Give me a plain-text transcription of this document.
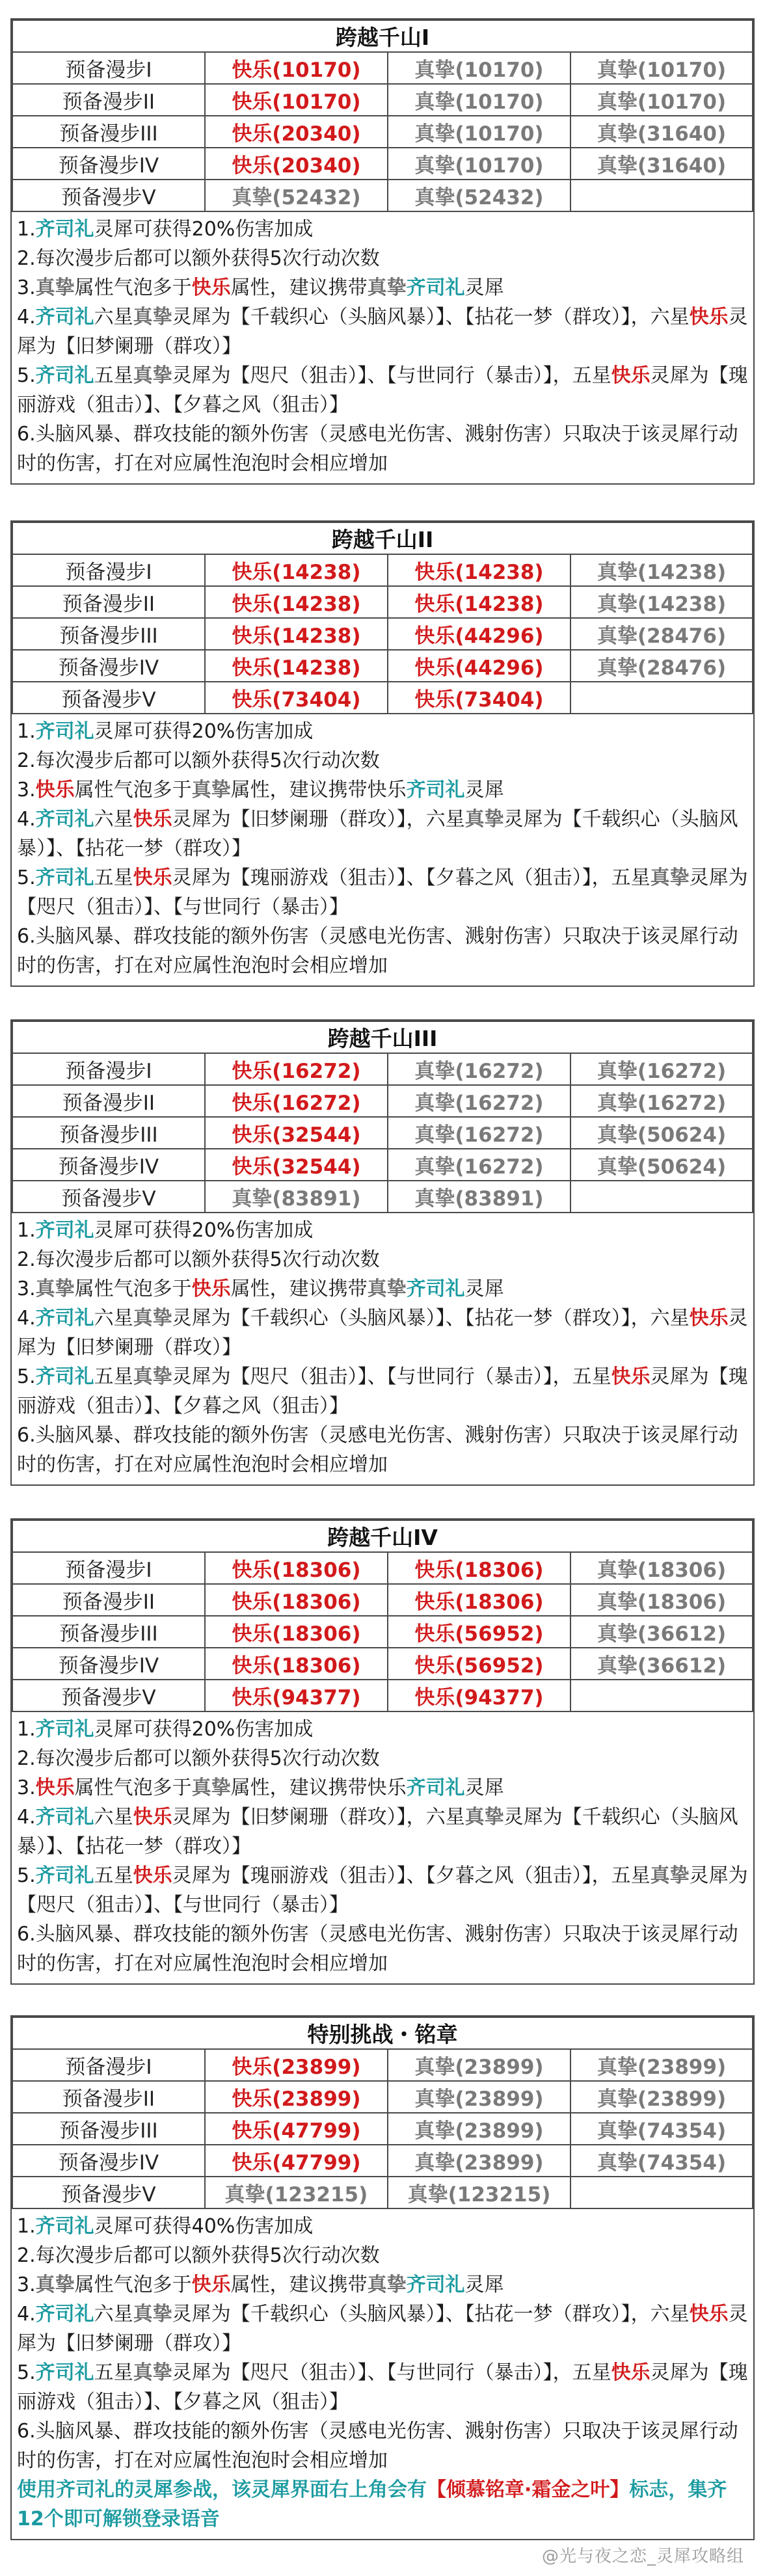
跨越千山I			
预备漫步I	快乐(10170)	真挚(10170)	真挚(10170)
预备漫步II	快乐(10170)	真挚(10170)	真挚(10170)
预备漫步III	快乐(20340)	真挚(10170)	真挚(31640)
预备漫步IV	快乐(20340)	真挚(10170)	真挚(31640)
预备漫步V	真挚(52432)	真挚(52432)	
1.齐司礼灵犀可获得20%伤害加成
2.每次漫步后都可以额外获得5次行动次数
3.真挚属性气泡多于快乐属性，建议携带真挚齐司礼灵犀
4.齐司礼六星真挚灵犀为【千载织心（头脑风暴）】、【拈花一梦（群攻）】，六星快乐灵犀为【旧梦阑珊（群攻）】
5.齐司礼五星真挚灵犀为【咫尺（狙击）】、【与世同行（暴击）】，五星快乐灵犀为【瑰丽游戏（狙击）】、【夕暮之风（狙击）】
6.头脑风暴、群攻技能的额外伤害（灵感电光伤害、溅射伤害）只取决于该灵犀行动时的伤害，打在对应属性泡泡时会相应增加
跨越千山II			
预备漫步I	快乐(14238)	快乐(14238)	真挚(14238)
预备漫步II	快乐(14238)	快乐(14238)	真挚(14238)
预备漫步III	快乐(14238)	快乐(44296)	真挚(28476)
预备漫步IV	快乐(14238)	快乐(44296)	真挚(28476)
预备漫步V	快乐(73404)	快乐(73404)	
1.齐司礼灵犀可获得20%伤害加成
2.每次漫步后都可以额外获得5次行动次数
3.快乐属性气泡多于真挚属性，建议携带快乐齐司礼灵犀
4.齐司礼六星快乐灵犀为【旧梦阑珊（群攻）】，六星真挚灵犀为【千载织心（头脑风暴）】、【拈花一梦（群攻）】
5.齐司礼五星快乐灵犀为【瑰丽游戏（狙击）】、【夕暮之风（狙击）】，五星真挚灵犀为【咫尺（狙击）】、【与世同行（暴击）】
6.头脑风暴、群攻技能的额外伤害（灵感电光伤害、溅射伤害）只取决于该灵犀行动时的伤害，打在对应属性泡泡时会相应增加
跨越千山III			
预备漫步I	快乐(16272)	真挚(16272)	真挚(16272)
预备漫步II	快乐(16272)	真挚(16272)	真挚(16272)
预备漫步III	快乐(32544)	真挚(16272)	真挚(50624)
预备漫步IV	快乐(32544)	真挚(16272)	真挚(50624)
预备漫步V	真挚(83891)	真挚(83891)	
1.齐司礼灵犀可获得20%伤害加成
2.每次漫步后都可以额外获得5次行动次数
3.真挚属性气泡多于快乐属性，建议携带真挚齐司礼灵犀
4.齐司礼六星真挚灵犀为【千载织心（头脑风暴）】、【拈花一梦（群攻）】，六星快乐灵犀为【旧梦阑珊（群攻）】
5.齐司礼五星真挚灵犀为【咫尺（狙击）】、【与世同行（暴击）】，五星快乐灵犀为【瑰丽游戏（狙击）】、【夕暮之风（狙击）】
6.头脑风暴、群攻技能的额外伤害（灵感电光伤害、溅射伤害）只取决于该灵犀行动时的伤害，打在对应属性泡泡时会相应增加
跨越千山IV			
预备漫步I	快乐(18306)	快乐(18306)	真挚(18306)
预备漫步II	快乐(18306)	快乐(18306)	真挚(18306)
预备漫步III	快乐(18306)	快乐(56952)	真挚(36612)
预备漫步IV	快乐(18306)	快乐(56952)	真挚(36612)
预备漫步V	快乐(94377)	快乐(94377)	
1.齐司礼灵犀可获得20%伤害加成
2.每次漫步后都可以额外获得5次行动次数
3.快乐属性气泡多于真挚属性，建议携带快乐齐司礼灵犀
4.齐司礼六星快乐灵犀为【旧梦阑珊（群攻）】，六星真挚灵犀为【千载织心（头脑风暴）】、【拈花一梦（群攻）】
5.齐司礼五星快乐灵犀为【瑰丽游戏（狙击）】、【夕暮之风（狙击）】，五星真挚灵犀为【咫尺（狙击）】、【与世同行（暴击）】
6.头脑风暴、群攻技能的额外伤害（灵感电光伤害、溅射伤害）只取决于该灵犀行动时的伤害，打在对应属性泡泡时会相应增加
特别挑战・铭章			
预备漫步I	快乐(23899)	真挚(23899)	真挚(23899)
预备漫步II	快乐(23899)	真挚(23899)	真挚(23899)
预备漫步III	快乐(47799)	真挚(23899)	真挚(74354)
预备漫步IV	快乐(47799)	真挚(23899)	真挚(74354)
预备漫步V	真挚(123215)	真挚(123215)	
1.齐司礼灵犀可获得40%伤害加成
2.每次漫步后都可以额外获得5次行动次数
3.真挚属性气泡多于快乐属性，建议携带真挚齐司礼灵犀
4.齐司礼六星真挚灵犀为【千载织心（头脑风暴）】、【拈花一梦（群攻）】，六星快乐灵犀为【旧梦阑珊（群攻）】
5.齐司礼五星真挚灵犀为【咫尺（狙击）】、【与世同行（暴击）】，五星快乐灵犀为【瑰丽游戏（狙击）】、【夕暮之风（狙击）】
6.头脑风暴、群攻技能的额外伤害（灵感电光伤害、溅射伤害）只取决于该灵犀行动时的伤害，打在对应属性泡泡时会相应增加
使用齐司礼的灵犀参战，该灵犀界面右上角会有【倾慕铭章·霜金之叶】标志，集齐12个即可解锁登录语音
@光与夜之恋_灵犀攻略组
